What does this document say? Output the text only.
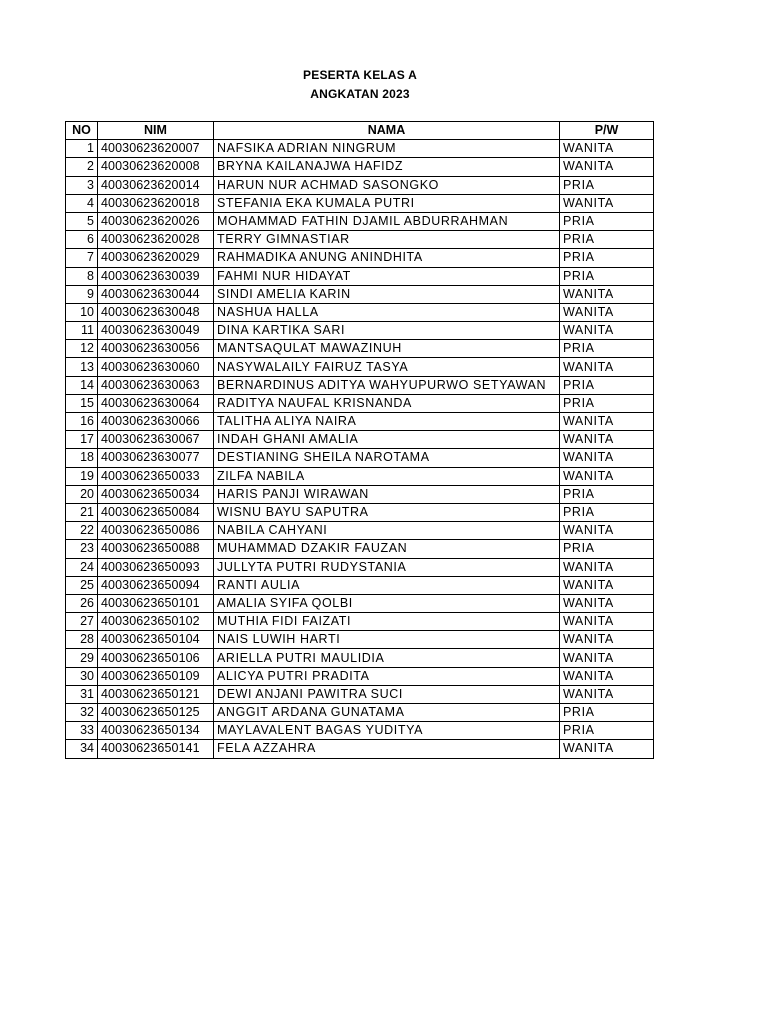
PESERTA KELAS A
ANGKATAN 2023
NO	NIM	NAMA	P/W
1	40030623620007	NAFSIKA ADRIAN NINGRUM	WANITA
2	40030623620008	BRYNA KAILANAJWA HAFIDZ	WANITA
3	40030623620014	HARUN NUR ACHMAD SASONGKO	PRIA
4	40030623620018	STEFANIA EKA KUMALA PUTRI	WANITA
5	40030623620026	MOHAMMAD FATHIN DJAMIL ABDURRAHMAN	PRIA
6	40030623620028	TERRY GIMNASTIAR	PRIA
7	40030623620029	RAHMADIKA ANUNG ANINDHITA	PRIA
8	40030623630039	FAHMI NUR HIDAYAT	PRIA
9	40030623630044	SINDI AMELIA KARIN	WANITA
10	40030623630048	NASHUA HALLA	WANITA
11	40030623630049	DINA KARTIKA SARI	WANITA
12	40030623630056	MANTSAQULAT MAWAZINUH	PRIA
13	40030623630060	NASYWALAILY FAIRUZ TASYA	WANITA
14	40030623630063	BERNARDINUS ADITYA WAHYUPURWO SETYAWAN	PRIA
15	40030623630064	RADITYA NAUFAL KRISNANDA	PRIA
16	40030623630066	TALITHA ALIYA NAIRA	WANITA
17	40030623630067	INDAH GHANI AMALIA	WANITA
18	40030623630077	DESTIANING SHEILA NAROTAMA	WANITA
19	40030623650033	ZILFA NABILA	WANITA
20	40030623650034	HARIS PANJI WIRAWAN	PRIA
21	40030623650084	WISNU BAYU SAPUTRA	PRIA
22	40030623650086	NABILA CAHYANI	WANITA
23	40030623650088	MUHAMMAD DZAKIR FAUZAN	PRIA
24	40030623650093	JULLYTA PUTRI RUDYSTANIA	WANITA
25	40030623650094	RANTI AULIA	WANITA
26	40030623650101	AMALIA SYIFA QOLBI	WANITA
27	40030623650102	MUTHIA FIDI FAIZATI	WANITA
28	40030623650104	NAIS LUWIH HARTI	WANITA
29	40030623650106	ARIELLA PUTRI MAULIDIA	WANITA
30	40030623650109	ALICYA PUTRI PRADITA	WANITA
31	40030623650121	DEWI ANJANI PAWITRA SUCI	WANITA
32	40030623650125	ANGGIT ARDANA GUNATAMA	PRIA
33	40030623650134	MAYLAVALENT BAGAS YUDITYA	PRIA
34	40030623650141	FELA AZZAHRA	WANITA
